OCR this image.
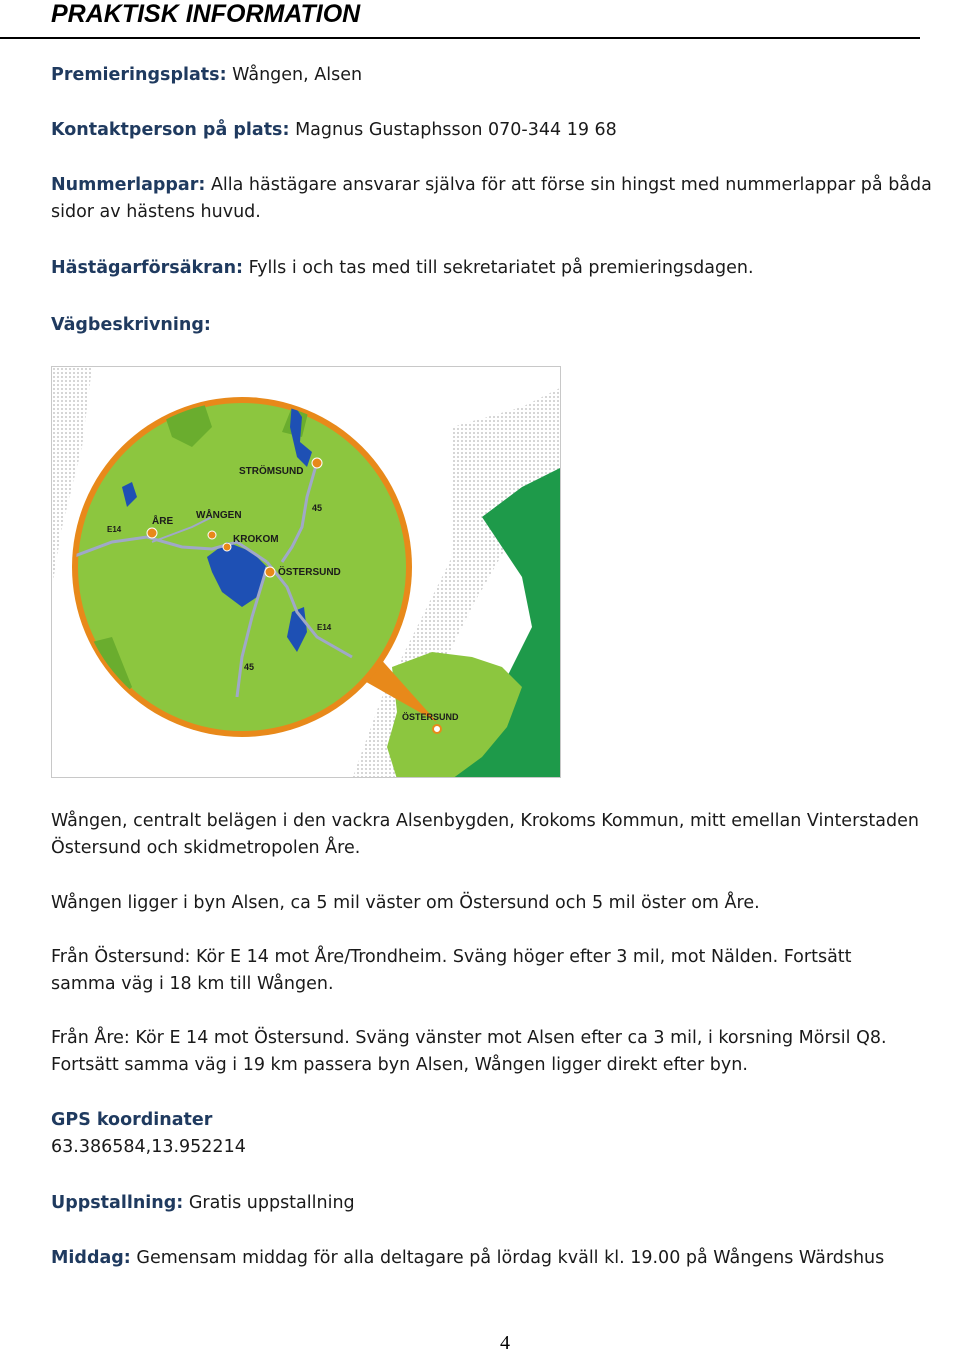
PRAKTISK INFORMATION

Premieringsplats: Wången, Alsen

Kontaktperson på plats: Magnus Gustaphsson 070-344 19 68

Nummerlappar: Alla hästägare ansvarar själva för att förse sin hingst med nummerlappar på båda sidor av hästens huvud.

Hästägarförsäkran: Fylls i och tas med till sekretariatet på premieringsdagen.

Vägbeskrivning:

ÖSTERSUND
STRÖMSUND
ÅRE
WÅNGEN
KROKOM
ÖSTERSUND
45
45
E14
E14

Wången, centralt belägen i den vackra Alsenbygden, Krokoms Kommun, mitt emellan Vinterstaden Östersund och skidmetropolen Åre.

Wången ligger i byn Alsen, ca 5 mil väster om Östersund och 5 mil öster om Åre.

Från Östersund: Kör E 14 mot Åre/Trondheim. Sväng höger efter 3 mil, mot Nälden. Fortsätt samma väg i 18 km till Wången.

Från Åre: Kör E 14 mot Östersund. Sväng vänster mot Alsen efter ca 3 mil, i korsning Mörsil Q8. Fortsätt samma väg i 19 km passera byn Alsen, Wången ligger direkt efter byn.

GPS koordinater
63.386584,13.952214

Uppstallning: Gratis uppstallning

Middag: Gemensam middag för alla deltagare på lördag kväll kl. 19.00 på Wångens Wärdshus

4
